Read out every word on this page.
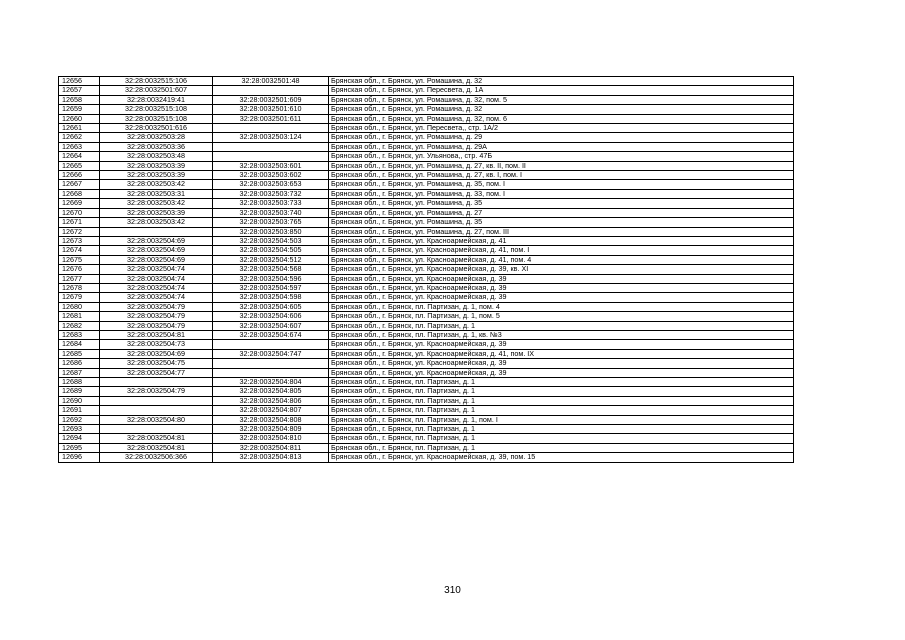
12656	32:28:0032515:106	32:28:0032501:48	Брянская обл., г. Брянск, ул. Ромашина, д. 32
12657	32:28:0032501:607		Брянская обл., г. Брянск, ул. Пересвета, д. 1А
12658	32:28:0032419:41	32:28:0032501:609	Брянская обл., г. Брянск, ул. Ромашина, д. 32, пом. 5
12659	32:28:0032515:108	32:28:0032501:610	Брянская обл., г. Брянск, ул. Ромашина, д. 32
12660	32:28:0032515:108	32:28:0032501:611	Брянская обл., г. Брянск, ул. Ромашина, д. 32, пом. 6
12661	32:28:0032501:616		Брянская обл., г. Брянск, ул. Пересвета,, стр. 1А/2
12662	32:28:0032503:28	32:28:0032503:124	Брянская обл., г. Брянск, ул. Ромашина, д. 29
12663	32:28:0032503:36		Брянская обл., г. Брянск, ул. Ромашина, д. 29А
12664	32:28:0032503:48		Брянская обл., г. Брянск, ул. Ульянова,, стр. 47Б
12665	32:28:0032503:39	32:28:0032503:601	Брянская обл., г. Брянск, ул. Ромашина, д. 27, кв. II, пом. II
12666	32:28:0032503:39	32:28:0032503:602	Брянская обл., г. Брянск, ул. Ромашина, д. 27, кв. I, пом. I
12667	32:28:0032503:42	32:28:0032503:653	Брянская обл., г. Брянск, ул. Ромашина, д. 35, пом. I
12668	32:28:0032503:31	32:28:0032503:732	Брянская обл., г. Брянск, ул. Ромашина, д. 33, пом. I
12669	32:28:0032503:42	32:28:0032503:733	Брянская обл., г. Брянск, ул. Ромашина, д. 35
12670	32:28:0032503:39	32:28:0032503:740	Брянская обл., г. Брянск, ул. Ромашина, д. 27
12671	32:28:0032503:42	32:28:0032503:765	Брянская обл., г. Брянск, ул. Ромашина, д. 35
12672		32:28:0032503:850	Брянская обл., г. Брянск, ул. Ромашина, д. 27, пом. III
12673	32:28:0032504:69	32:28:0032504:503	Брянская обл., г. Брянск, ул. Красноармейская, д. 41
12674	32:28:0032504:69	32:28:0032504:505	Брянская обл., г. Брянск, ул. Красноармейская, д. 41, пом. I
12675	32:28:0032504:69	32:28:0032504:512	Брянская обл., г. Брянск, ул. Красноармейская, д. 41, пом. 4
12676	32:28:0032504:74	32:28:0032504:568	Брянская обл., г. Брянск, ул. Красноармейская, д. 39, кв. XI
12677	32:28:0032504:74	32:28:0032504:596	Брянская обл., г. Брянск, ул. Красноармейская, д. 39
12678	32:28:0032504:74	32:28:0032504:597	Брянская обл., г. Брянск, ул. Красноармейская, д. 39
12679	32:28:0032504:74	32:28:0032504:598	Брянская обл., г. Брянск, ул. Красноармейская, д. 39
12680	32:28:0032504:79	32:28:0032504:605	Брянская обл., г. Брянск, пл. Партизан, д. 1, пом. 4
12681	32:28:0032504:79	32:28:0032504:606	Брянская обл., г. Брянск, пл. Партизан, д. 1, пом. 5
12682	32:28:0032504:79	32:28:0032504:607	Брянская обл., г. Брянск, пл. Партизан, д. 1
12683	32:28:0032504:81	32:28:0032504:674	Брянская обл., г. Брянск, пл. Партизан, д. 1, кв. №3
12684	32:28:0032504:73		Брянская обл., г. Брянск, ул. Красноармейская, д. 39
12685	32:28:0032504:69	32:28:0032504:747	Брянская обл., г. Брянск, ул. Красноармейская, д. 41, пом. IX
12686	32:28:0032504:75		Брянская обл., г. Брянск, ул. Красноармейская, д. 39
12687	32:28:0032504:77		Брянская обл., г. Брянск, ул. Красноармейская, д. 39
12688		32:28:0032504:804	Брянская обл., г. Брянск, пл. Партизан, д. 1
12689	32:28:0032504:79	32:28:0032504:805	Брянская обл., г. Брянск, пл. Партизан, д. 1
12690		32:28:0032504:806	Брянская обл., г. Брянск, пл. Партизан, д. 1
12691		32:28:0032504:807	Брянская обл., г. Брянск, пл. Партизан, д. 1
12692	32:28:0032504:80	32:28:0032504:808	Брянская обл., г. Брянск, пл. Партизан, д. 1, пом. I
12693		32:28:0032504:809	Брянская обл., г. Брянск, пл. Партизан, д. 1
12694	32:28:0032504:81	32:28:0032504:810	Брянская обл., г. Брянск, пл. Партизан, д. 1
12695	32:28:0032504:81	32:28:0032504:811	Брянская обл., г. Брянск, пл. Партизан, д. 1
12696	32:28:0032506:366	32:28:0032504:813	Брянская обл., г. Брянск, ул. Красноармейская, д. 39, пом. 15
310
